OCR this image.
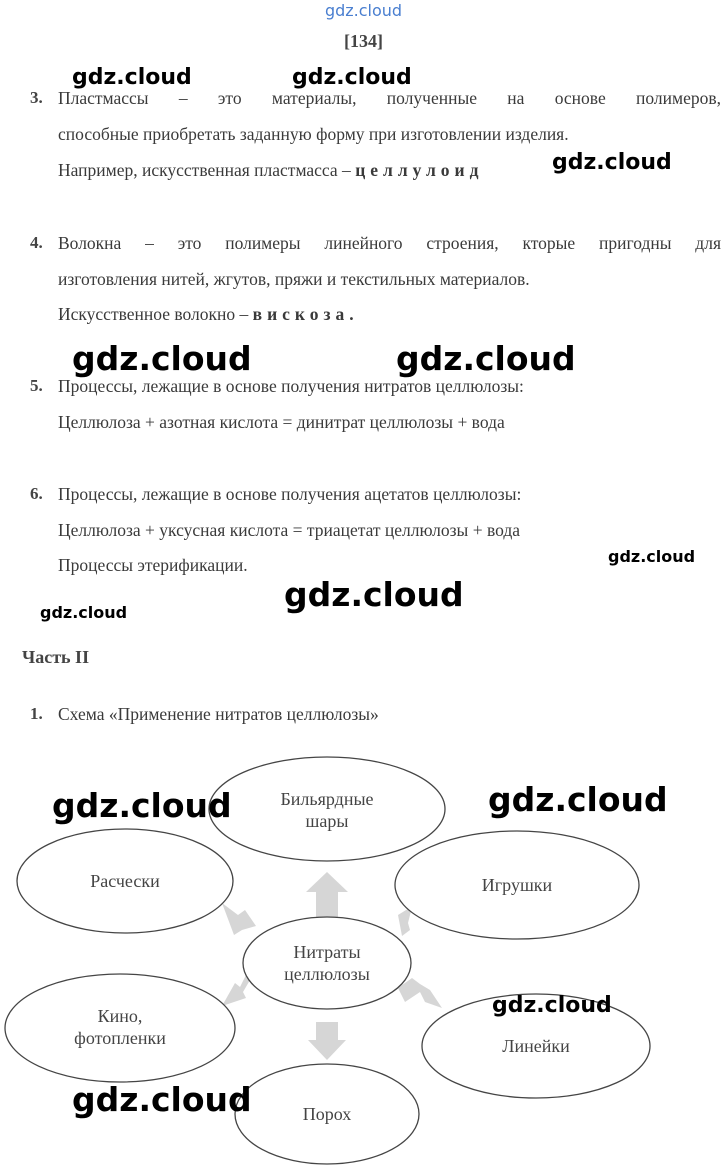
gdz.cloud
[134]
3. Пластмассы – это материалы, полученные на основе полимеров,
способные приобретать заданную форму при изготовлении изделия.
Например, искусственная пластмасса – целлулоид
4. Волокна – это полимеры линейного строения, кторые пригодны для
изготовления нитей, жгутов, пряжи и текстильных материалов.
Искусственное волокно – вискоза.
5. Процессы, лежащие в основе получения нитратов целлюлозы:
Целлюлоза + азотная кислота = динитрат целлюлозы + вода
6. Процессы, лежащие в основе получения ацетатов целлюлозы:
Целлюлоза + уксусная кислота = триацетат целлюлозы + вода
Процессы этерификации.
Часть II
1. Схема «Применение нитратов целлюлозы»
Бильярдные
шары
Расчески	Игрушки
Нитраты
целлюлозы
Кино,
фотопленки	Линейки
Порох
gdz.cloud	gdz.cloud
gdz.cloud
gdz.cloud	gdz.cloud
gdz.cloud
gdz.cloud
gdz.cloud
gdz.cloud	gdz.cloud
gdz.cloud
gdz.cloud
